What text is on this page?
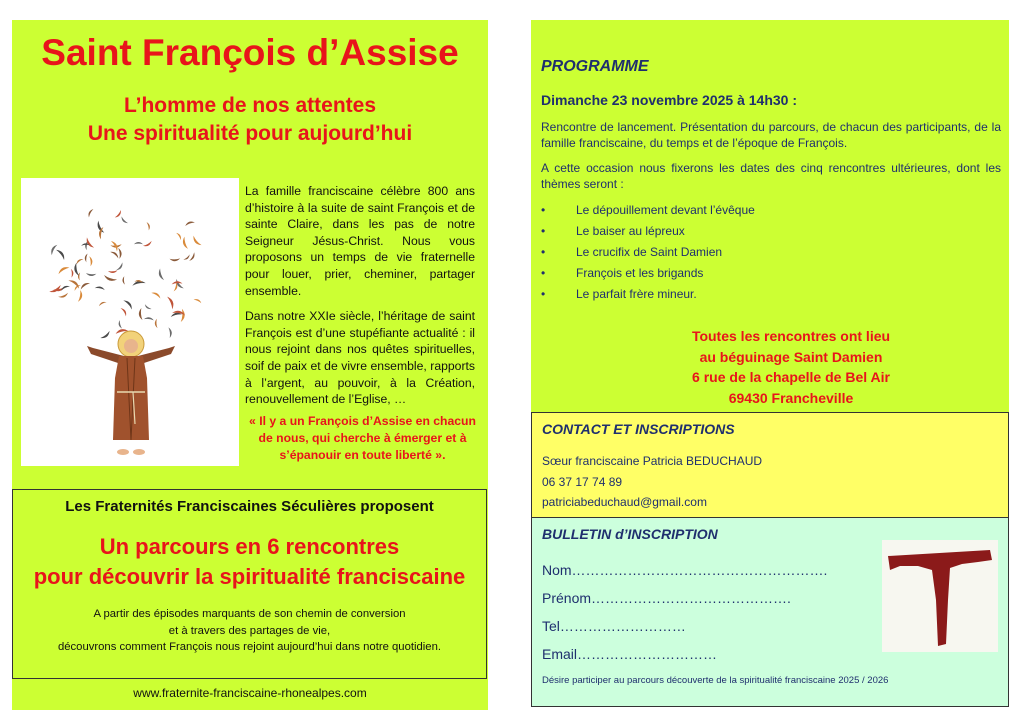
Saint François d’Assise
L’homme de nos attentes
Une spiritualité pour aujourd’hui

La famille franciscaine célèbre 800 ans d’histoire à la suite de saint François et de sainte Claire, dans les pas de notre Seigneur Jésus-Christ. Nous vous proposons un temps de vie fraternelle pour louer, prier, cheminer, partager ensemble.

Dans notre XXIe siècle, l’héritage de saint François est d’une stupéfiante actualité : il nous rejoint dans nos quêtes spirituelles, soif de paix et de vivre ensemble, rapports à l’argent, au pouvoir, à la Création, renouvellement de l’Eglise, …

« Il y a un François d’Assise en chacun de nous, qui cherche à émerger et à s’épanouir en toute liberté ».
Les Fraternités Franciscaines Séculières proposent
Un parcours en 6 rencontres
pour découvrir la spiritualité franciscaine
A partir des épisodes marquants de son chemin de conversion
et à travers des partages de vie,
découvrons comment François nous rejoint aujourd’hui dans notre quotidien.
www.fraternite-franciscaine-rhonealpes.com
PROGRAMME
Dimanche 23 novembre 2025 à 14h30 :
Rencontre de lancement. Présentation du parcours, de chacun des participants, de la famille franciscaine, du temps et de l’époque de François.
A cette occasion nous fixerons les dates des cinq rencontres ultérieures, dont les thèmes seront :
•	Le dépouillement devant l’évêque
•	Le baiser au lépreux
•	Le crucifix de Saint Damien
•	François et les brigands
•	Le parfait frère mineur.
Toutes les rencontres ont lieu
au béguinage Saint Damien
6 rue de la chapelle de Bel Air
69430 Francheville
CONTACT ET INSCRIPTIONS
Sœur franciscaine Patricia BEDUCHAUD
06 37 17 74 89
patriciabeduchaud@gmail.com
BULLETIN d’INSCRIPTION
Nom……………………………………………….
Prénom…………………………………….
Tel………………………
Email…………………………
Désire participer au parcours découverte de la spiritualité franciscaine 2025 / 2026
